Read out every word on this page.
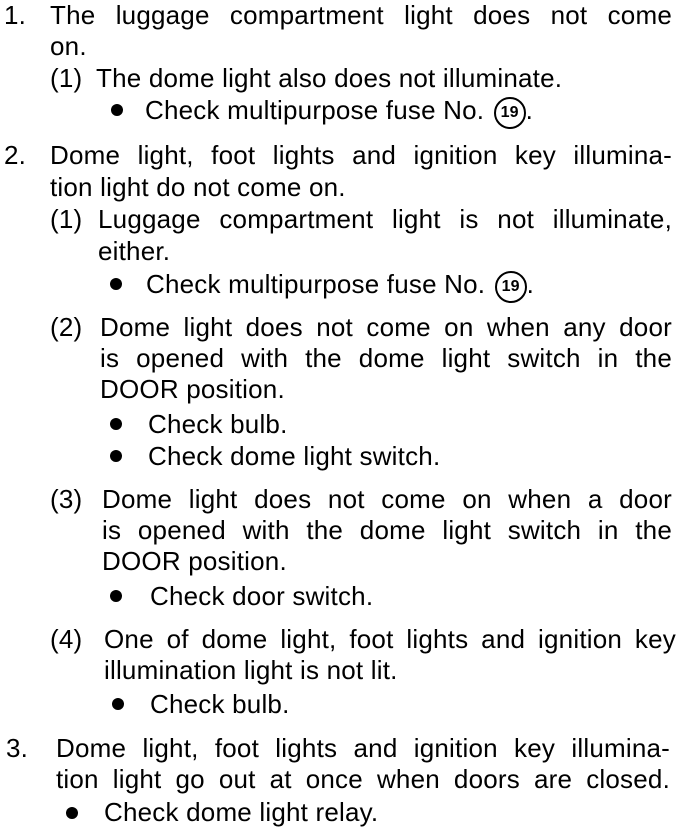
1. The luggage compartment light does not come
on.
(1) The dome light also does not illuminate.
Check multipurpose fuse No. 19 .
2. Dome light, foot lights and ignition key illumina-
tion light do not come on.
(1) Luggage compartment light is not illuminate,
either.
Check multipurpose fuse No. 19 .
(2) Dome light does not come on when any door
is opened with the dome light switch in the
DOOR position.
Check bulb.
Check dome light switch.
(3) Dome light does not come on when a door
is opened with the dome light switch in the
DOOR position.
Check door switch.
(4) One of dome light, foot lights and ignition key
illumination light is not lit.
Check bulb.
3. Dome light, foot lights and ignition key illumina-
tion light go out at once when doors are closed.
Check dome light relay.
